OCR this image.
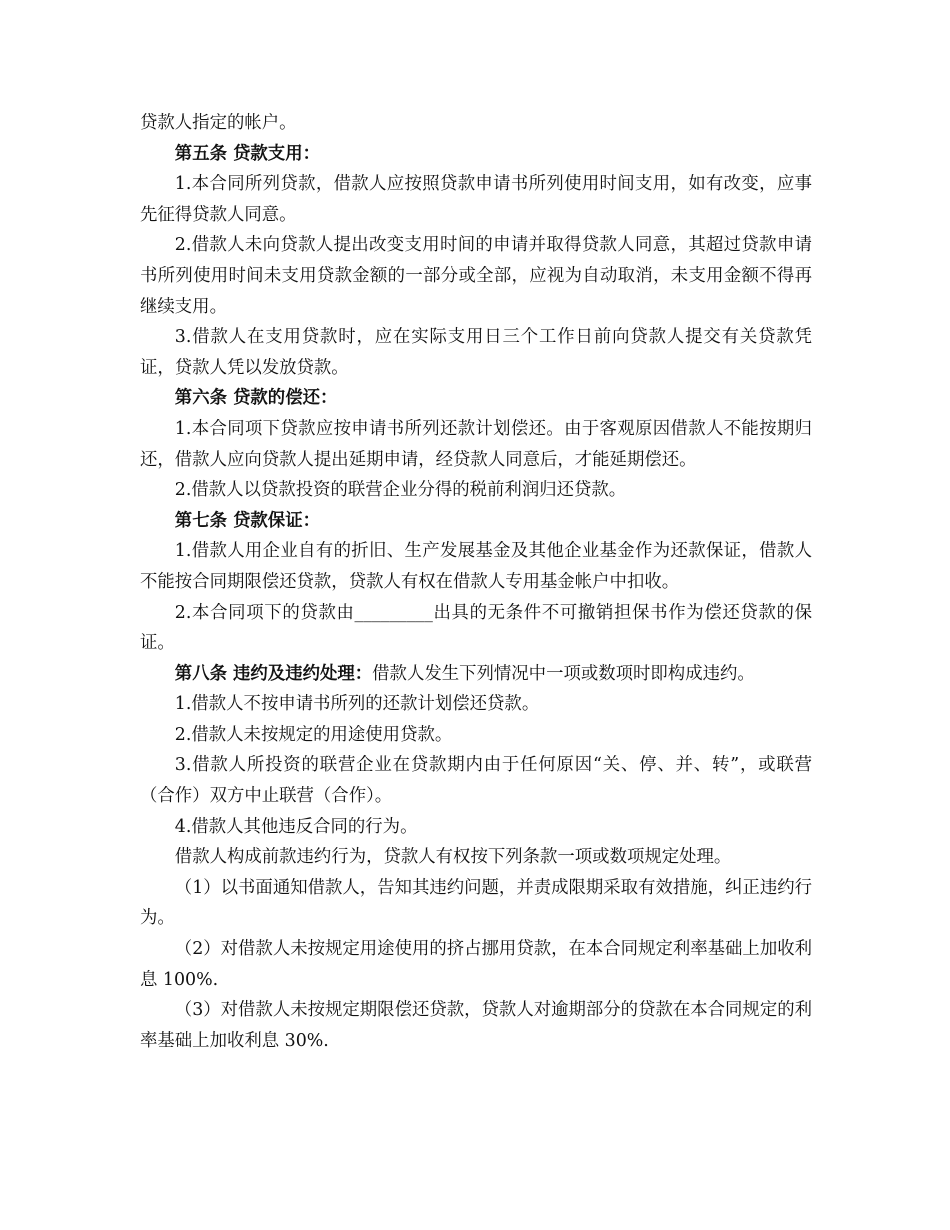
贷款人指定的帐户。

第五条 贷款支用：

1.本合同所列贷款，借款人应按照贷款申请书所列使用时间支用，如有改变，应事先征得贷款人同意。

2.借款人未向贷款人提出改变支用时间的申请并取得贷款人同意，其超过贷款申请书所列使用时间未支用贷款金额的一部分或全部，应视为自动取消，未支用金额不得再继续支用。

3.借款人在支用贷款时，应在实际支用日三个工作日前向贷款人提交有关贷款凭证，贷款人凭以发放贷款。

第六条 贷款的偿还：

1.本合同项下贷款应按申请书所列还款计划偿还。由于客观原因借款人不能按期归还，借款人应向贷款人提出延期申请，经贷款人同意后，才能延期偿还。

2.借款人以贷款投资的联营企业分得的税前利润归还贷款。

第七条 贷款保证：

1.借款人用企业自有的折旧、生产发展基金及其他企业基金作为还款保证，借款人不能按合同期限偿还贷款，贷款人有权在借款人专用基金帐户中扣收。

2.本合同项下的贷款由_________出具的无条件不可撤销担保书作为偿还贷款的保证。

第八条 违约及违约处理：借款人发生下列情况中一项或数项时即构成违约。

1.借款人不按申请书所列的还款计划偿还贷款。

2.借款人未按规定的用途使用贷款。

3.借款人所投资的联营企业在贷款期内由于任何原因“关、停、并、转”，或联营（合作）双方中止联营（合作）。

4.借款人其他违反合同的行为。

借款人构成前款违约行为，贷款人有权按下列条款一项或数项规定处理。

（1）以书面通知借款人，告知其违约问题，并责成限期采取有效措施，纠正违约行为。

（2）对借款人未按规定用途使用的挤占挪用贷款，在本合同规定利率基础上加收利息 100%.

（3）对借款人未按规定期限偿还贷款，贷款人对逾期部分的贷款在本合同规定的利率基础上加收利息 30%.
